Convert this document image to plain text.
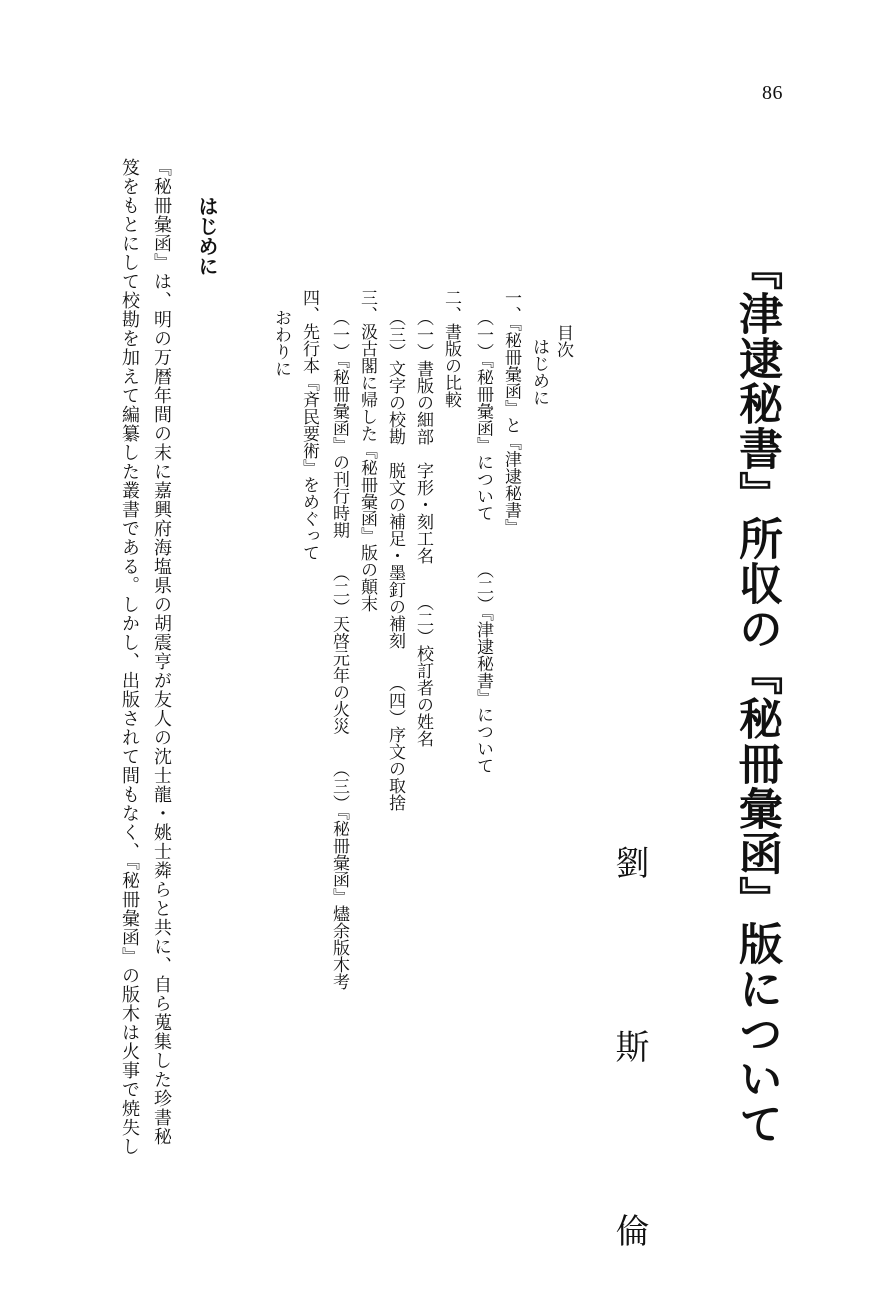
86
『津逮秘書』所収の『秘冊彙函』版について
劉　斯　倫
目次
はじめに
一、『秘冊彙函』と『津逮秘書』
（一）『秘冊彙函』について（二）『津逮秘書』について
二、書版の比較
（一）書版の細部　字形・刻工名（二）校訂者の姓名
（三）文字の校勘　脱文の補足・墨釘の補刻（四）序文の取捨
三、汲古閣に帰した『秘冊彙函』版の顛末
（一）『秘冊彙函』の刊行時期（二）天啓元年の火災（三）『秘冊彙函』燼余版木考
四、先行本『斉民要術』をめぐって
おわりに
はじめに
『秘冊彙函』は、明の万暦年間の末に嘉興府海塩県の胡震亨が友人の沈士龍・姚士粦らと共に、自ら蒐集した珍書秘
笈をもとにして校勘を加えて編纂した叢書である。しかし、出版されて間もなく、『秘冊彙函』の版木は火事で焼失し
